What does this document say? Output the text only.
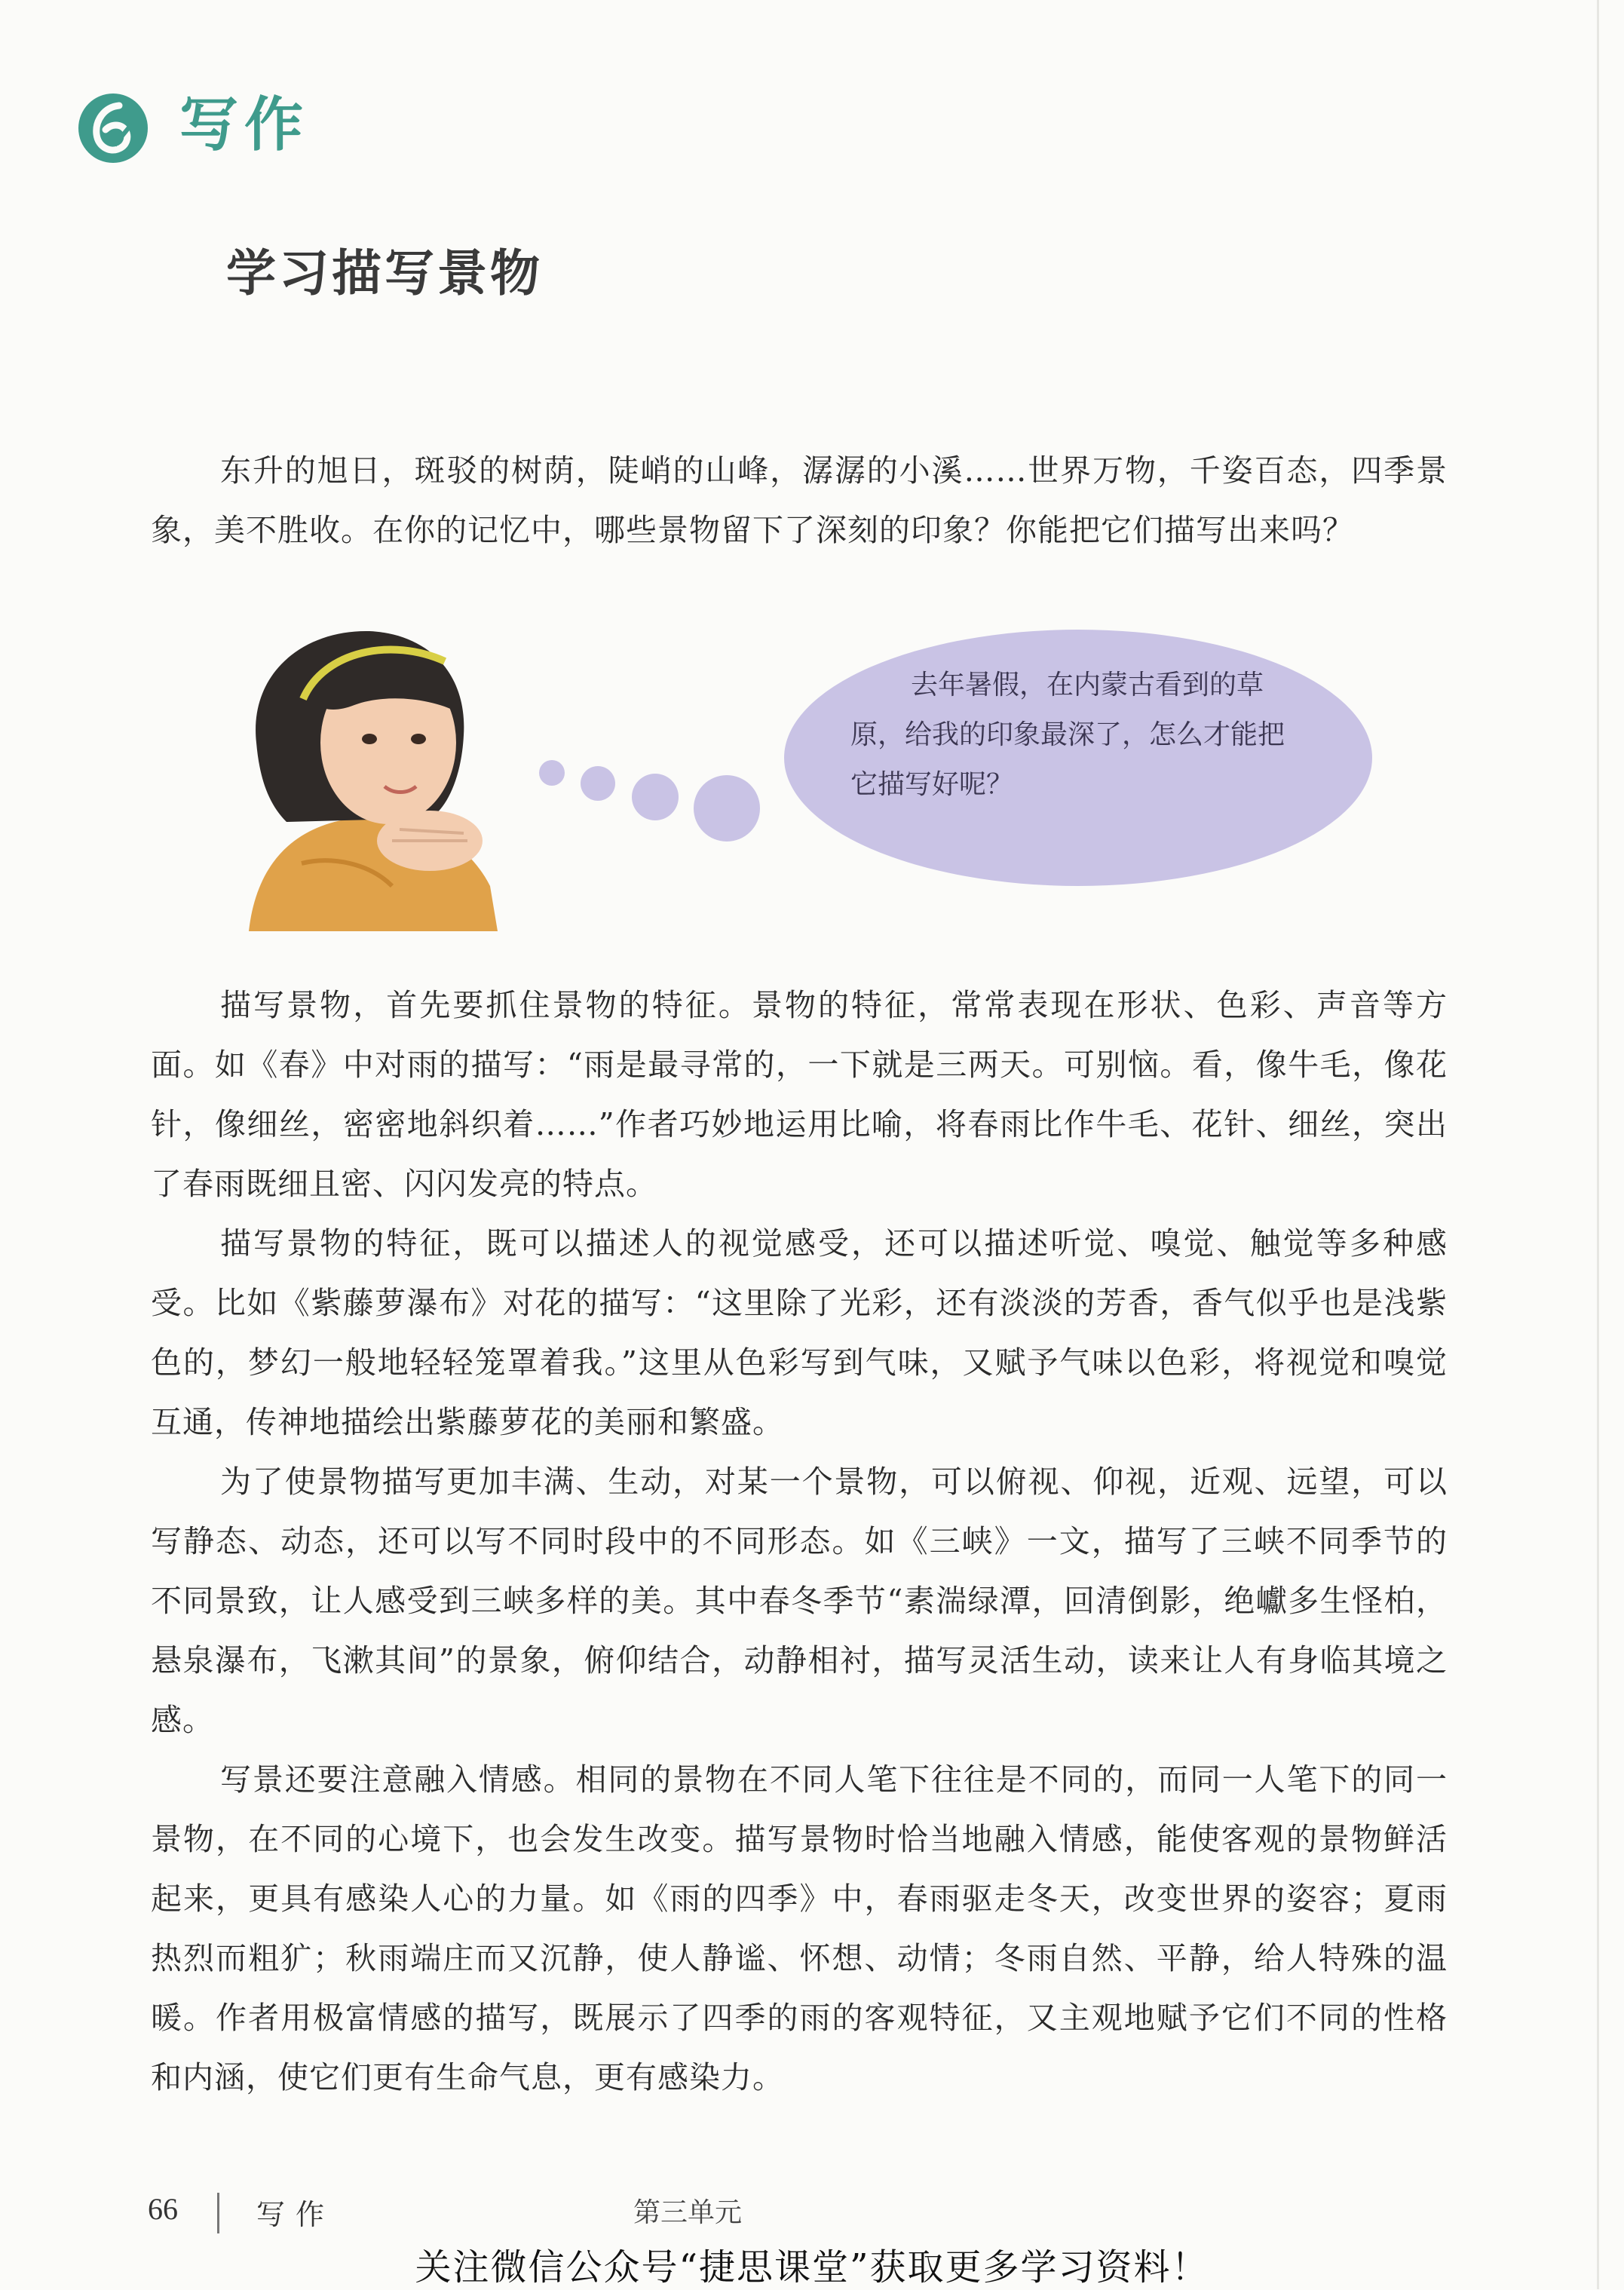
写作
学习描写景物

东升的旭日，斑驳的树荫，陡峭的山峰，潺潺的小溪……世界万物，千姿百态，四季景象，美不胜收。在你的记忆中，哪些景物留下了深刻的印象？你能把它们描写出来吗？

去年暑假，在内蒙古看到的草原，给我的印象最深了，怎么才能把它描写好呢？

描写景物，首先要抓住景物的特征。景物的特征，常常表现在形状、色彩、声音等方面。如《春》中对雨的描写：“雨是最寻常的，一下就是三两天。可别恼。看，像牛毛，像花针，像细丝，密密地斜织着……”作者巧妙地运用比喻，将春雨比作牛毛、花针、细丝，突出了春雨既细且密、闪闪发亮的特点。

描写景物的特征，既可以描述人的视觉感受，还可以描述听觉、嗅觉、触觉等多种感受。比如《紫藤萝瀑布》对花的描写：“这里除了光彩，还有淡淡的芳香，香气似乎也是浅紫色的，梦幻一般地轻轻笼罩着我。”这里从色彩写到气味，又赋予气味以色彩，将视觉和嗅觉互通，传神地描绘出紫藤萝花的美丽和繁盛。

为了使景物描写更加丰满、生动，对某一个景物，可以俯视、仰视，近观、远望，可以写静态、动态，还可以写不同时段中的不同形态。如《三峡》一文，描写了三峡不同季节的不同景致，让人感受到三峡多样的美。其中春冬季节“素湍绿潭，回清倒影，绝巘多生怪柏，悬泉瀑布，飞漱其间”的景象，俯仰结合，动静相衬，描写灵活生动，读来让人有身临其境之感。

写景还要注意融入情感。相同的景物在不同人笔下往往是不同的，而同一人笔下的同一景物，在不同的心境下，也会发生改变。描写景物时恰当地融入情感，能使客观的景物鲜活起来，更具有感染人心的力量。如《雨的四季》中，春雨驱走冬天，改变世界的姿容；夏雨热烈而粗犷；秋雨端庄而又沉静，使人静谧、怀想、动情；冬雨自然、平静，给人特殊的温暖。作者用极富情感的描写，既展示了四季的雨的客观特征，又主观地赋予它们不同的性格和内涵，使它们更有生命气息，更有感染力。

66	写作	第三单元
关注微信公众号“捷思课堂”获取更多学习资料！
